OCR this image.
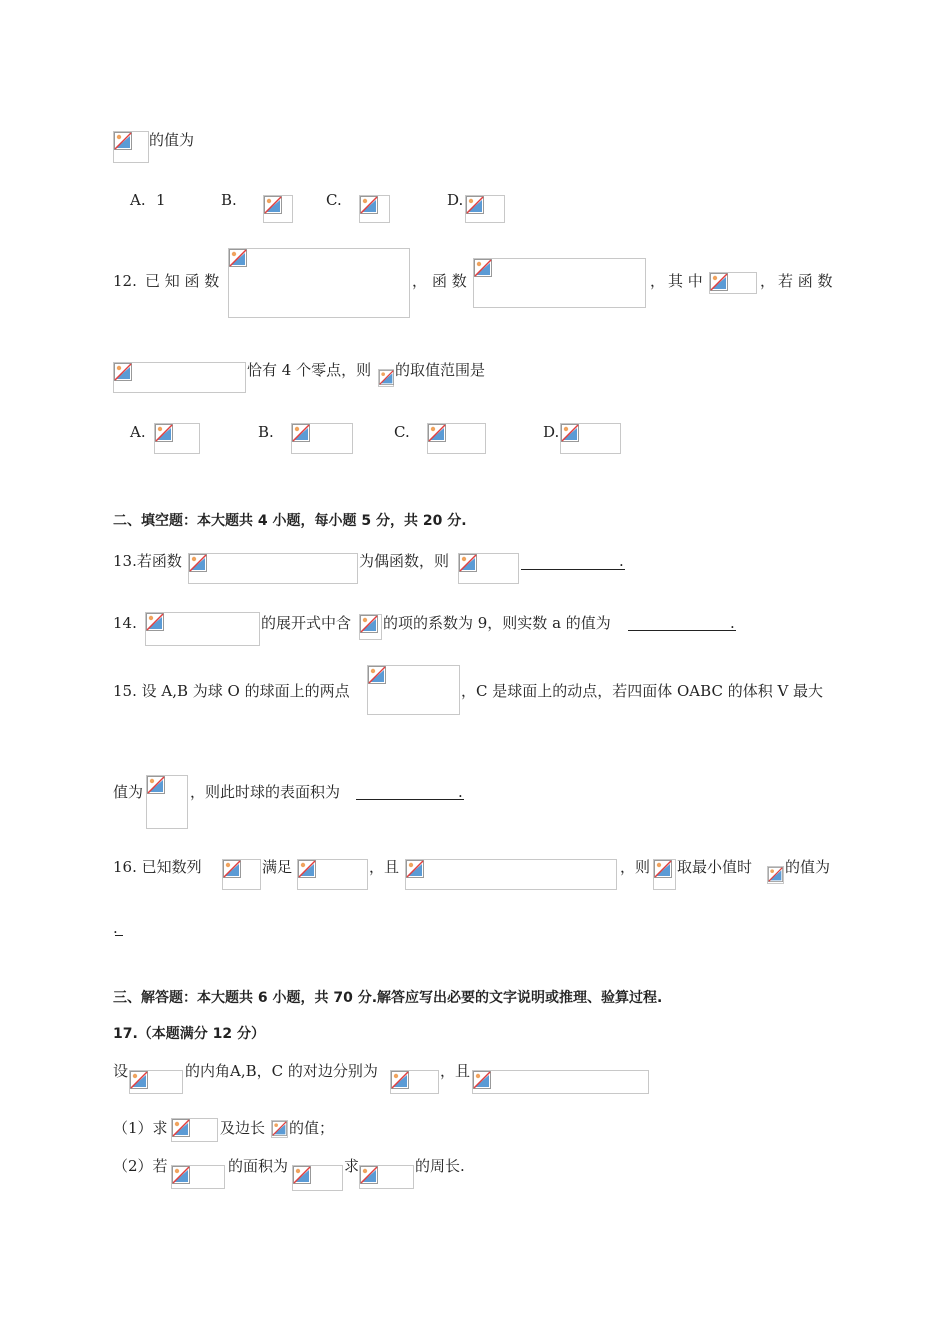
的值为
A. 1	B.	C.	D.
12. 已 知 函 数	， 函 数	， 其 中	， 若 函 数
恰有 4 个零点，则 的取值范围是
A.	B.	C.	D.
二、填空题：本大题共 4 小题，每小题 5 分，共 20 分.
13.若函数	为偶函数，则	.
14.	的展开式中含 的项的系数为 9，则实数 a 的值为	.
15. 设 A,B 为球 O 的球面上的两点	，C 是球面上的动点，若四面体 OABC 的体积 V 最大
值为	，则此时球的表面积为	.
16. 已知数列	满足	，且	，则 取最小值时 的值为
.
三、解答题：本大题共 6 小题，共 70 分.解答应写出必要的文字说明或推理、验算过程.
17.（本题满分 12 分）
设	的内角A,B，C 的对边分别为	，且
（1）求	及边长 的值；
（2）若	的面积为	求	的周长.
